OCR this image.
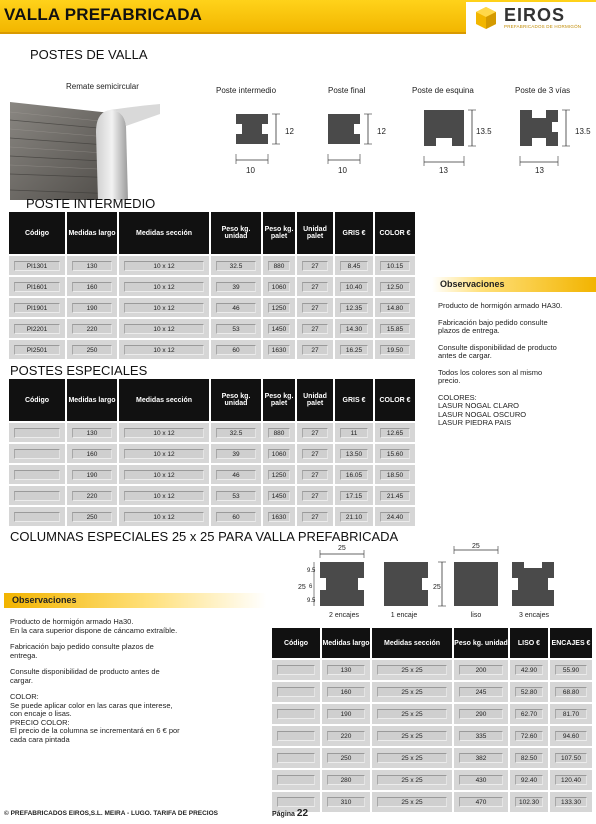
VALLA PREFABRICADA	EIROS
PREFABRICADOS DE HORMIGÓN
POSTES DE VALLA
Remate semicircular	Poste intermedio	Poste final	Poste de esquina	Poste de 3 vías
12
10
12
10
13.5
13
13.5
13
POSTE INTERMEDIO
Código	Medidas largo	Medidas sección	Peso kg. unidad	Peso kg. palet	Unidad palet	GRIS €	COLOR €

PI1301	130	10 x 12	32.5	880	27	8.45	10.15

PI1601	160	10 x 12	39	1060	27	10.40	12.50

PI1901	190	10 x 12	46	1250	27	12.35	14.80

PI2201	220	10 x 12	53	1450	27	14.30	15.85

PI2501	250	10 x 12	60	1630	27	16.25	19.50
POSTES ESPECIALES
Código	Medidas largo	Medidas sección	Peso kg. unidad	Peso kg. palet	Unidad palet	GRIS €	COLOR €

	130	10 x 12	32.5	880	27	11	12.65

	160	10 x 12	39	1060	27	13.50	15.60

	190	10 x 12	46	1250	27	16.05	18.50

	220	10 x 12	53	1450	27	17.15	21.45

	250	10 x 12	60	1630	27	21.10	24.40
Observaciones
Producto de hormigón armado HA30.
Fabricación bajo pedido consulte
plazos de entrega.
Consulte disponibilidad de producto
antes de cargar.
Todos los colores son al mismo
precio.
COLORES:
LASUR NOGAL CLARO
LASUR NOGAL OSCURO
LASUR PIEDRA PAIS
COLUMNAS ESPECIALES 25 x 25 PARA VALLA PREFABRICADA
25	25
25	25
9.5
6
9.5
2 encajes	1 encaje	liso	3 encajes
Código	Medidas largo	Medidas sección	Peso kg. unidad	LISO €	ENCAJES €

	130	25 x 25	200	42.90	55.90

	160	25 x 25	245	52.80	68.80

	190	25 x 25	290	62.70	81.70

	220	25 x 25	335	72.60	94.60

	250	25 x 25	382	82.50	107.50

	280	25 x 25	430	92.40	120.40

	310	25 x 25	470	102.30	133.30
Observaciones
Producto de hormigón armado Ha30.
En la cara superior dispone de cáncamo extraíble.
Fabricación bajo pedido consulte plazos de
entrega.
Consulte disponibilidad de producto antes de
cargar.
COLOR:
Se puede aplicar color en las caras que interese,
con encaje o lisas.
PRECIO COLOR:
El precio de la columna se incrementará en 6 € por
cada cara pintada
© PREFABRICADOS EIROS,S.L. MEIRA - LUGO. TARIFA DE PRECIOS	Página 22
